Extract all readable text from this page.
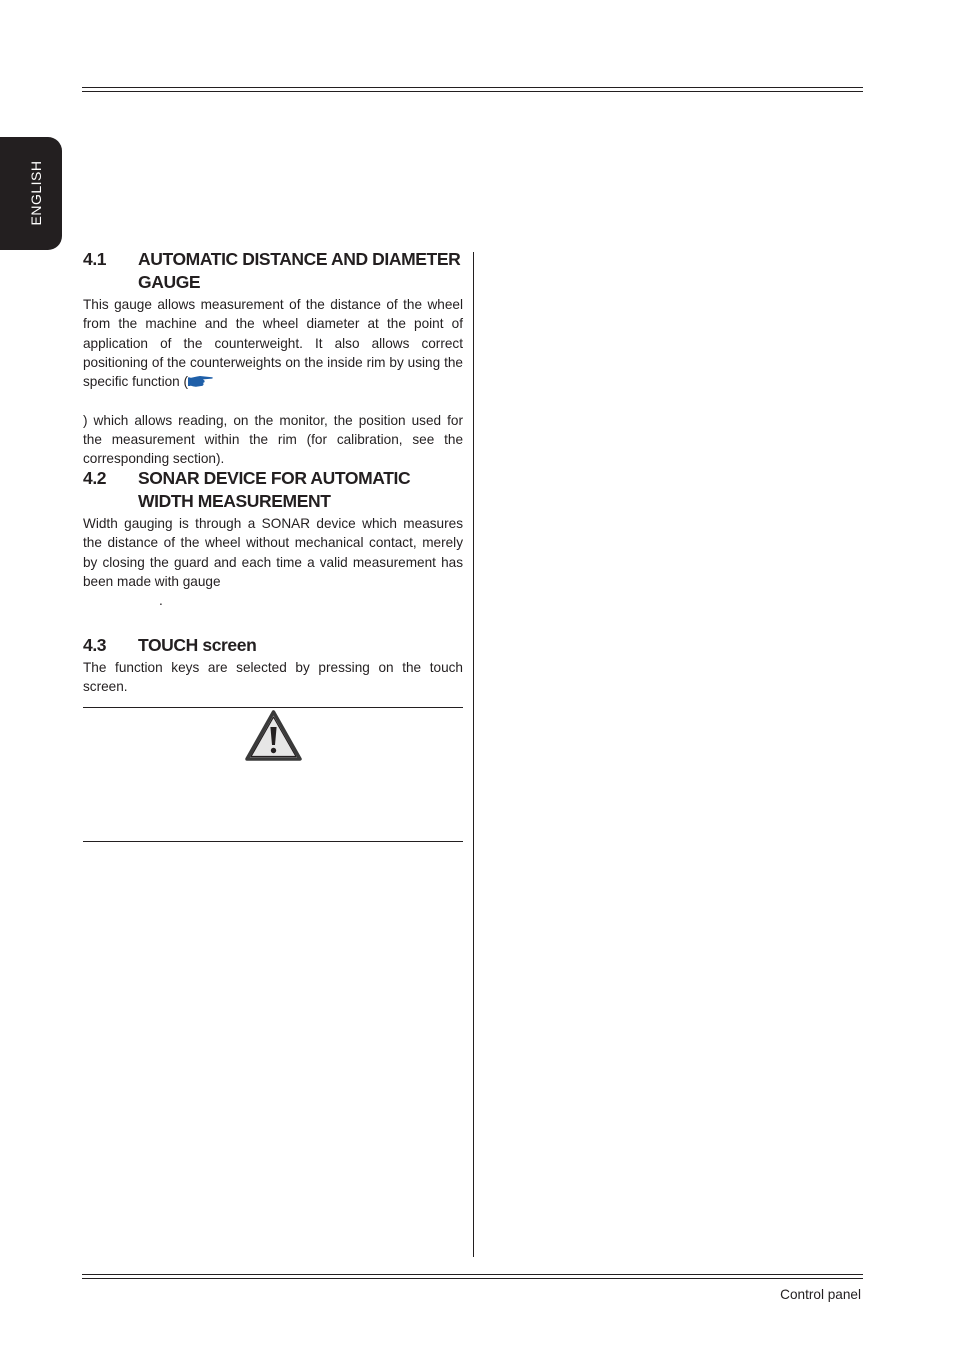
ENGLISH
4.1	AUTOMATIC DISTANCE AND DIAMETER GAUGE

This gauge allows measurement of the distance of the wheel from the machine and the wheel diameter at the point of application of the counterweight. It also allows correct positioning of the counterweights on the inside rim by using the specific function (
) which allows reading, on the monitor, the position used for the measurement within the rim (for calibration, see the corresponding section).

4.2	SONAR DEVICE FOR AUTOMATIC WIDTH MEASUREMENT

Width gauging is through a SONAR device which measures the distance of the wheel without mechanical contact, merely by closing the guard and each time a valid measurement has been made with gauge

.
4.3	TOUCH screen

The function keys are selected by pressing on the touch screen.

Control panel
